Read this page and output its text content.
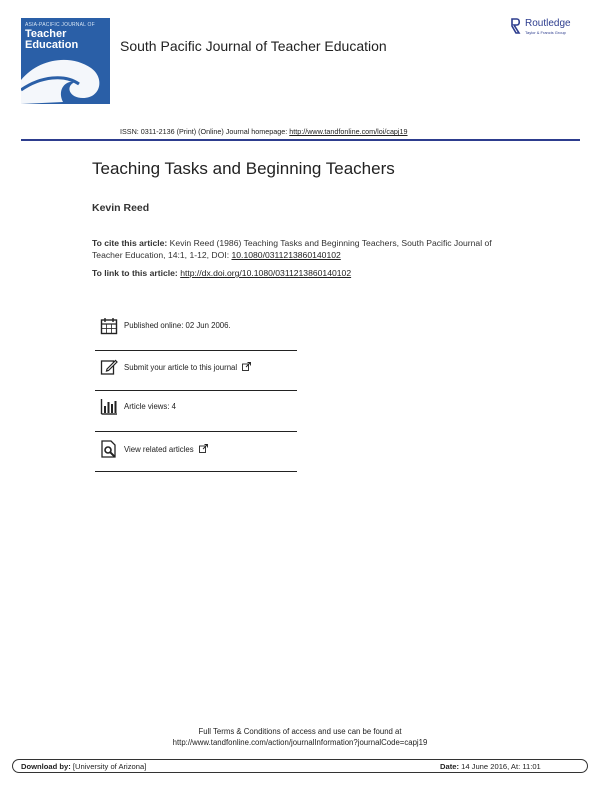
ASIA-PACIFIC JOURNAL OF
Teacher
Education	South Pacific Journal of Teacher Education
Routledge
Taylor & Francis Group
ISSN: 0311-2136 (Print) (Online) Journal homepage: http://www.tandfonline.com/loi/capj19
Teaching Tasks and Beginning Teachers
Kevin Reed
To cite this article: Kevin Reed (1986) Teaching Tasks and Beginning Teachers, South Pacific Journal of Teacher Education, 14:1, 1-12, DOI: 10.1080/0311213860140102
To link to this article: http://dx.doi.org/10.1080/0311213860140102
Published online: 02 Jun 2006.
Submit your article to this journal
Article views: 4
View related articles
Full Terms & Conditions of access and use can be found at
http://www.tandfonline.com/action/journalInformation?journalCode=capj19
Download by: [University of Arizona]	Date: 14 June 2016, At: 11:01
